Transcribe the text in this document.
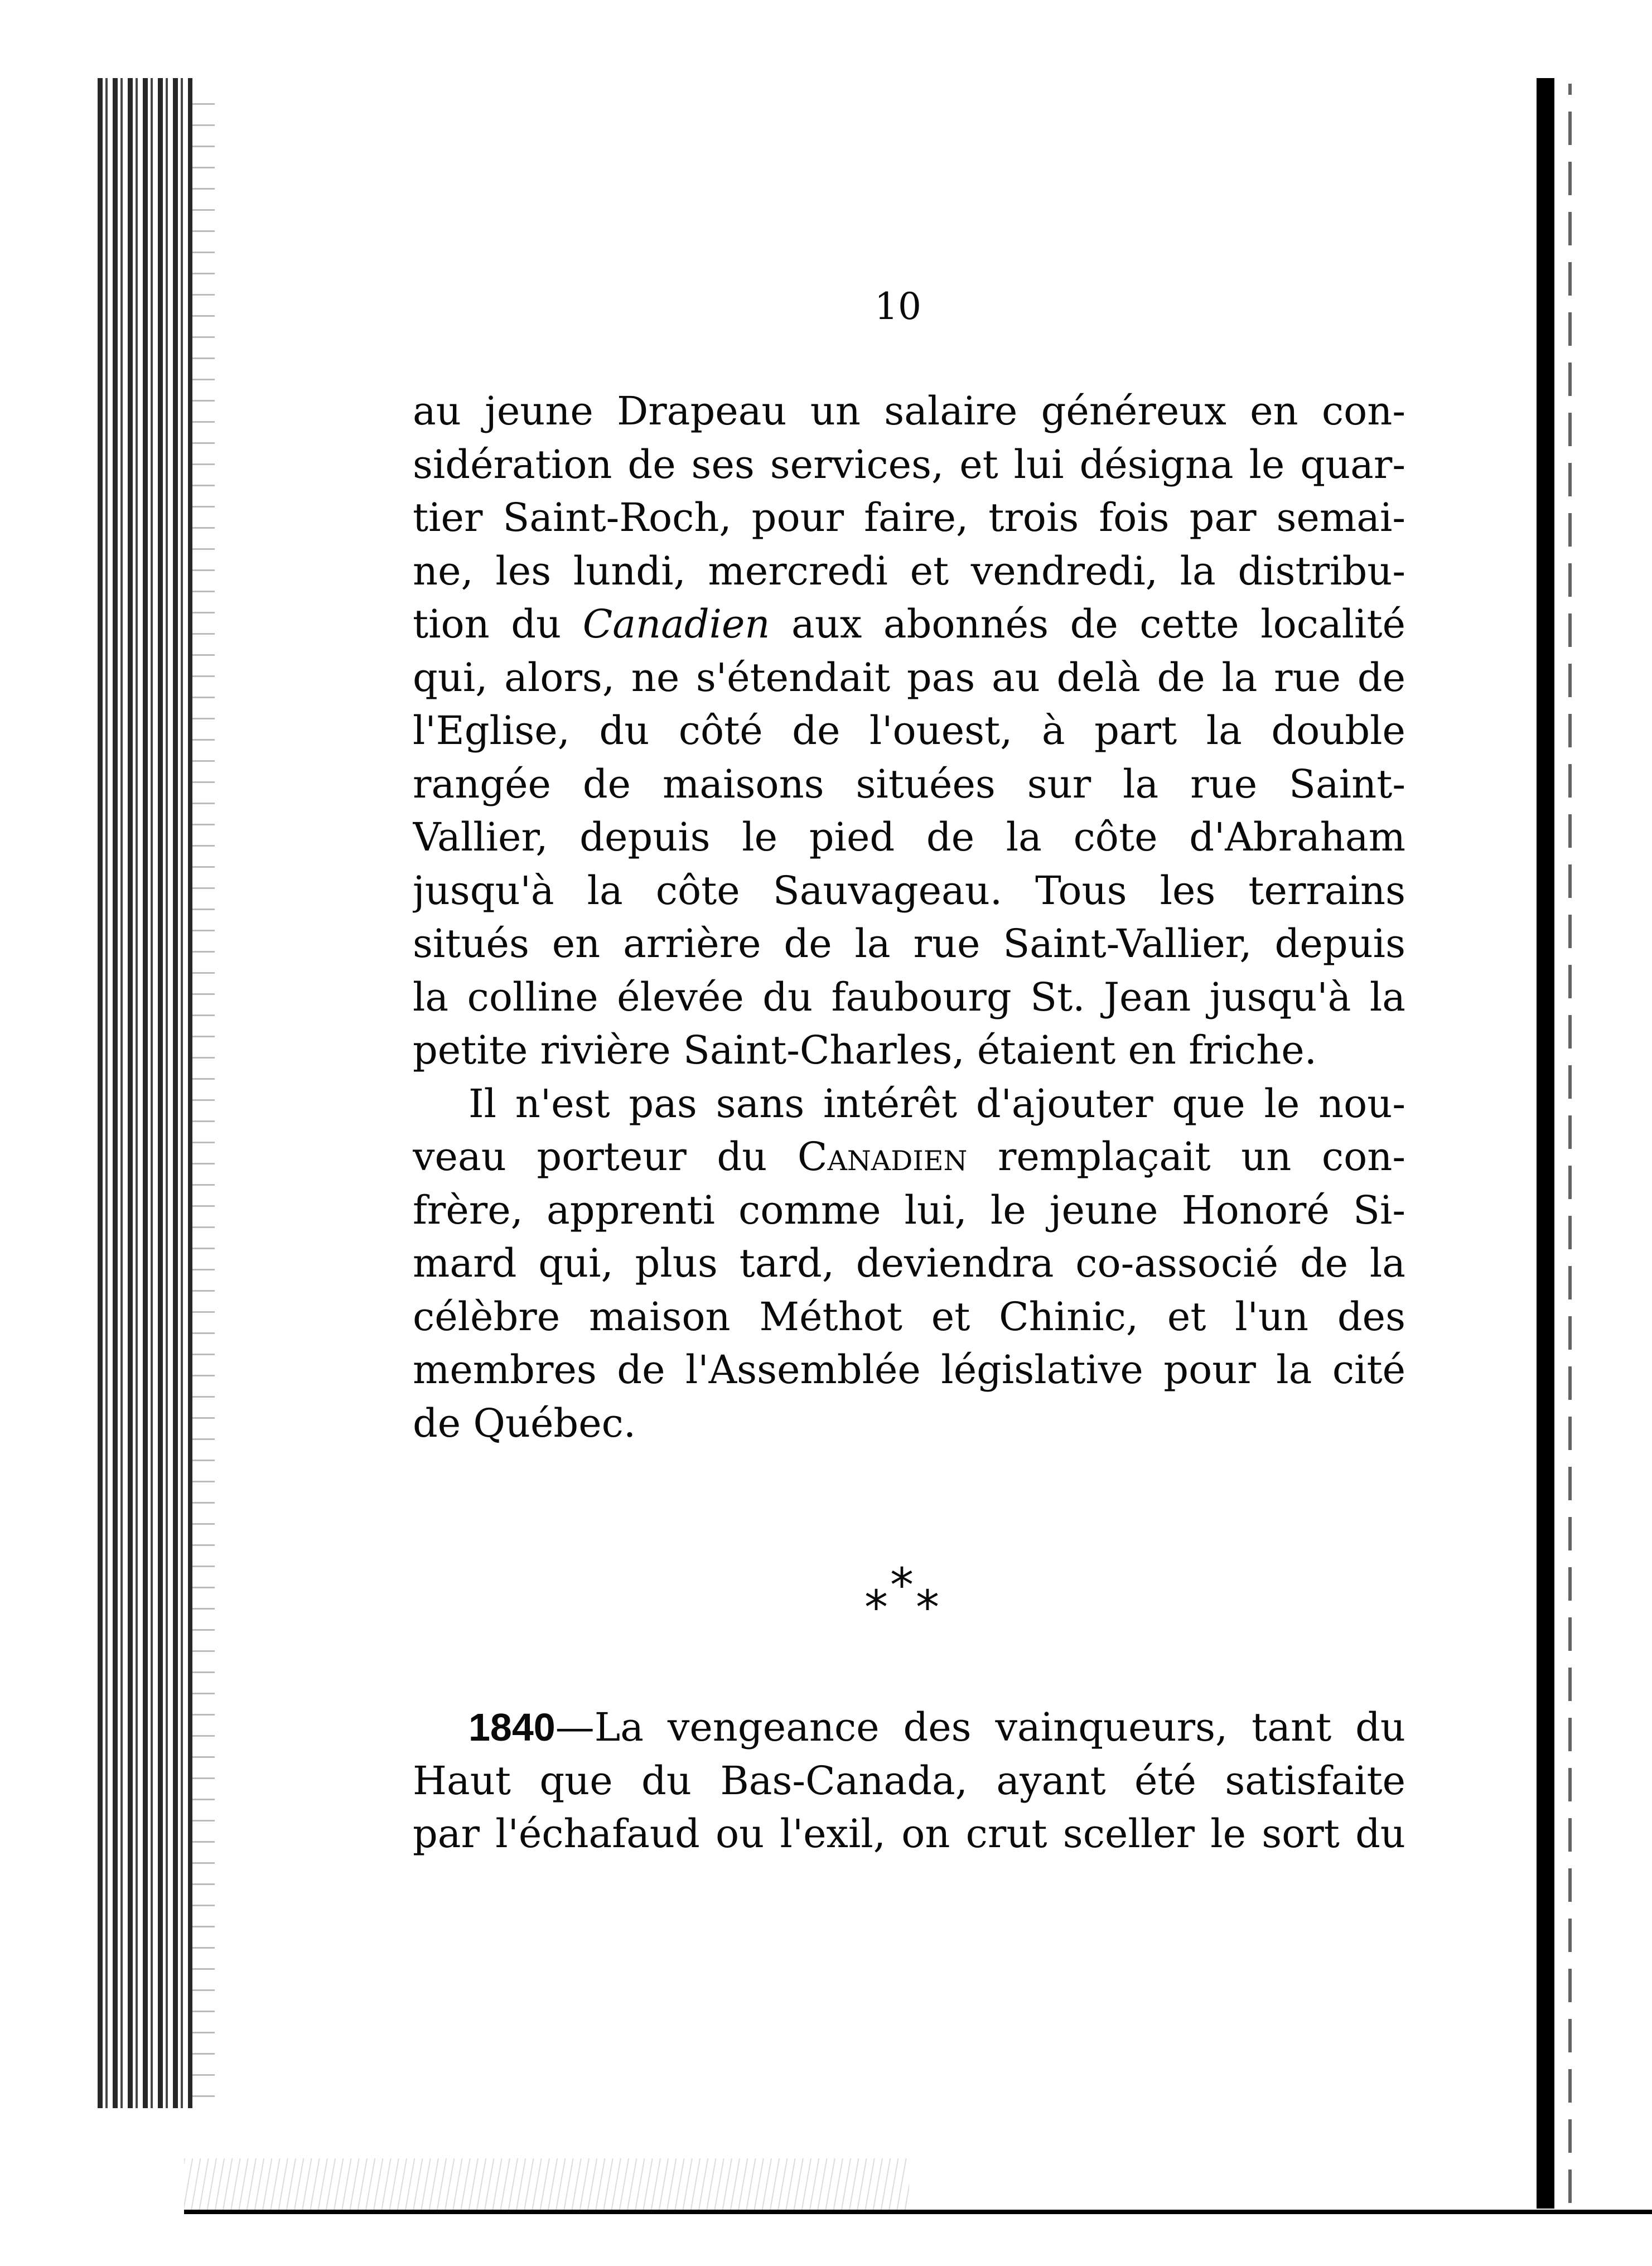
10
au jeune Drapeau un salaire généreux en con-
sidération de ses services, et lui désigna le quar-
tier Saint-Roch, pour faire, trois fois par semai-
ne, les lundi, mercredi et vendredi, la distribu-
tion du Canadien aux abonnés de cette localité
qui, alors, ne s'étendait pas au delà de la rue de
l'Eglise, du côté de l'ouest, à part la double
rangée de maisons situées sur la rue Saint-
Vallier, depuis le pied de la côte d'Abraham
jusqu'à la côte Sauvageau. Tous les terrains
situés en arrière de la rue Saint-Vallier, depuis
la colline élevée du faubourg St. Jean jusqu'à la
petite rivière Saint-Charles, étaient en friche.
Il n'est pas sans intérêt d'ajouter que le nou-
veau porteur du Canadien remplaçait un con-
frère, apprenti comme lui, le jeune Honoré Si-
mard qui, plus tard, deviendra co-associé de la
célèbre maison Méthot et Chinic, et l'un des
membres de l'Assemblée législative pour la cité
de Québec.
* * *
1840—La vengeance des vainqueurs, tant du
Haut que du Bas-Canada, ayant été satisfaite
par l'échafaud ou l'exil, on crut sceller le sort du
